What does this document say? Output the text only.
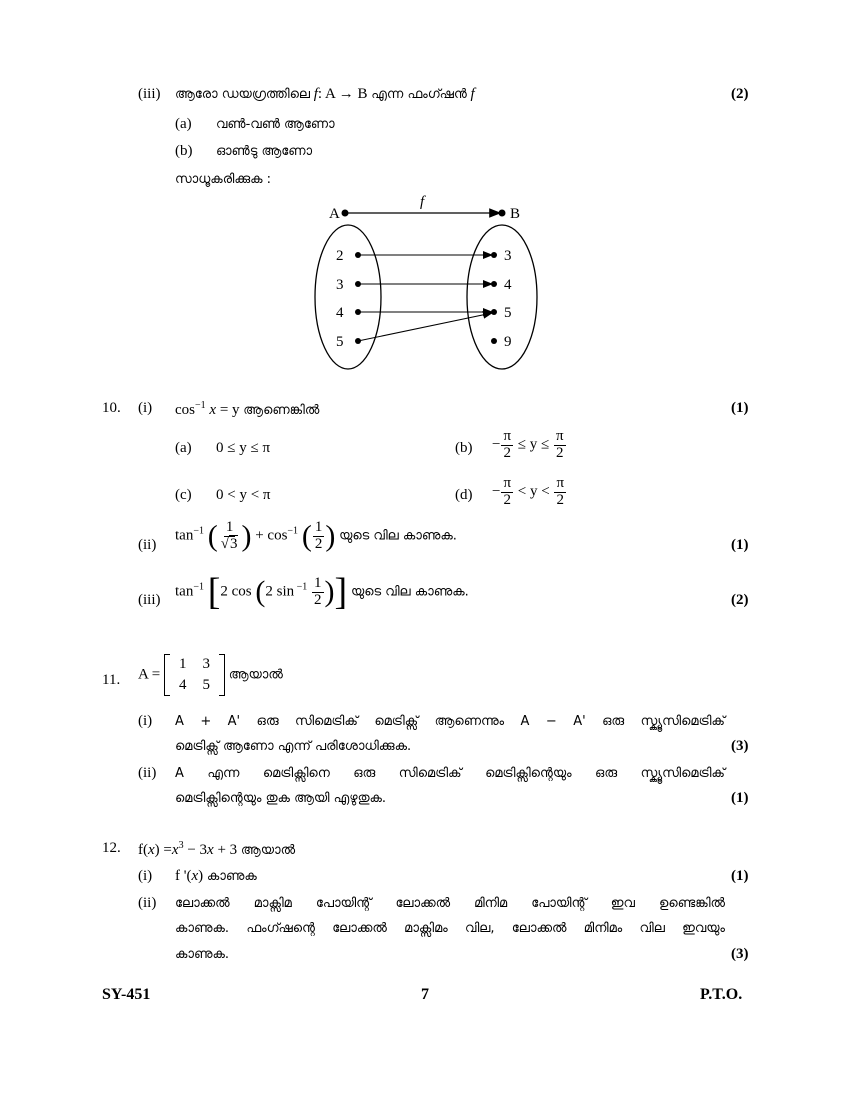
(iii) ആരോ ഡയഗ്രത്തിലെ f: A → B എന്ന ഫംഗ്ഷൻ f	(2)
(a) വൺ-വൺ ആണോ
(b) ഓൺടു ആണോ
സാധൂകരിക്കുക :
A	B
f
2
3
4
5
3
4
5
9
10. (i) $\cos^{-1} x = y$ ആണെങ്കിൽ	(1)
(a) 0 ≤ y ≤ π	$(b) - \frac{\pi}{2} \le y \le \frac{\pi}{2}$
(c) 0 < y < π	$(d) - \frac{\pi}{2} < y < \frac{\pi}{2}$
(ii)
$\tan^{-1}$ ( $\frac{1}{√3}$ ) + $\cos^{-1}$ ( $\frac{1}{2}$ ) യുടെ വില കാണുക.
(1)
(iii)
$\tan^{-1} [2$ cos (2 $\sin ^{-1} \frac{1}{2}$ )] യുടെ വില കാണുക.
(2)
11. A =
1	3
4	5
ആയാൽ
(i) A + A' ഒരു സിമെട്രിക് മെട്രിക്സ് ആണെന്നും A − A' ഒരു സ്ക്യൂസിമെട്രിക്
മെട്രിക്സ് ആണോ എന്ന് പരിശോധിക്കുക.	(3)
(ii) A എന്ന മെട്രിക്സിനെ ഒരു സിമെട്രിക് മെട്രിക്സിന്റെയും ഒരു സ്ക്യൂസിമെട്രിക്
മെട്രിക്സിന്റെയും തുക ആയി എഴുതുക.	(1)
12. $f(x) =x^3 - 3x + 3$ ആയാൽ
(i) f '(x) കാണുക	(1)
(ii) ലോക്കൽ മാക്സിമ പോയിന്റ് ലോക്കൽ മിനിമ പോയിന്റ് ഇവ ഉണ്ടെങ്കിൽ
കാണുക. ഫംഗ്ഷന്റെ ലോക്കൽ മാക്സിമം വില, ലോക്കൽ മിനിമം വില ഇവയും
കാണുക.	(3)
SY-451	7	P.T.O.
